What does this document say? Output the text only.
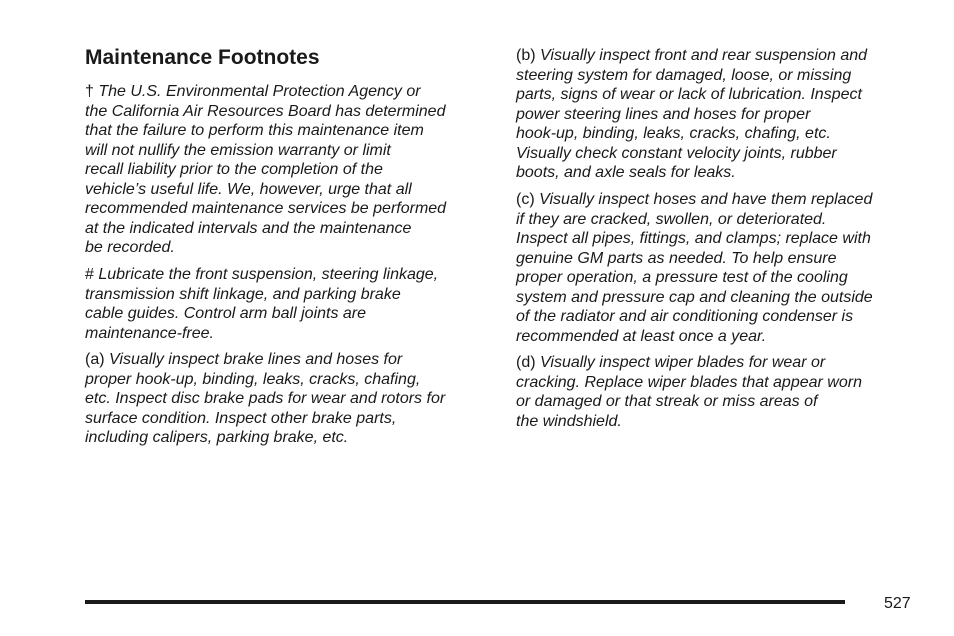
Maintenance Footnotes

† The U.S. Environmental Protection Agency or
the California Air Resources Board has determined
that the failure to perform this maintenance item
will not nullify the emission warranty or limit
recall liability prior to the completion of the
vehicle’s useful life. We, however, urge that all
recommended maintenance services be performed
at the indicated intervals and the maintenance
be recorded.

# Lubricate the front suspension, steering linkage,
transmission shift linkage, and parking brake
cable guides. Control arm ball joints are
maintenance-free.

(a) Visually inspect brake lines and hoses for
proper hook-up, binding, leaks, cracks, chafing,
etc. Inspect disc brake pads for wear and rotors for
surface condition. Inspect other brake parts,
including calipers, parking brake, etc.

(b) Visually inspect front and rear suspension and
steering system for damaged, loose, or missing
parts, signs of wear or lack of lubrication. Inspect
power steering lines and hoses for proper
hook-up, binding, leaks, cracks, chafing, etc.
Visually check constant velocity joints, rubber
boots, and axle seals for leaks.

(c) Visually inspect hoses and have them replaced
if they are cracked, swollen, or deteriorated.
Inspect all pipes, fittings, and clamps; replace with
genuine GM parts as needed. To help ensure
proper operation, a pressure test of the cooling
system and pressure cap and cleaning the outside
of the radiator and air conditioning condenser is
recommended at least once a year.

(d) Visually inspect wiper blades for wear or
cracking. Replace wiper blades that appear worn
or damaged or that streak or miss areas of
the windshield.

527
